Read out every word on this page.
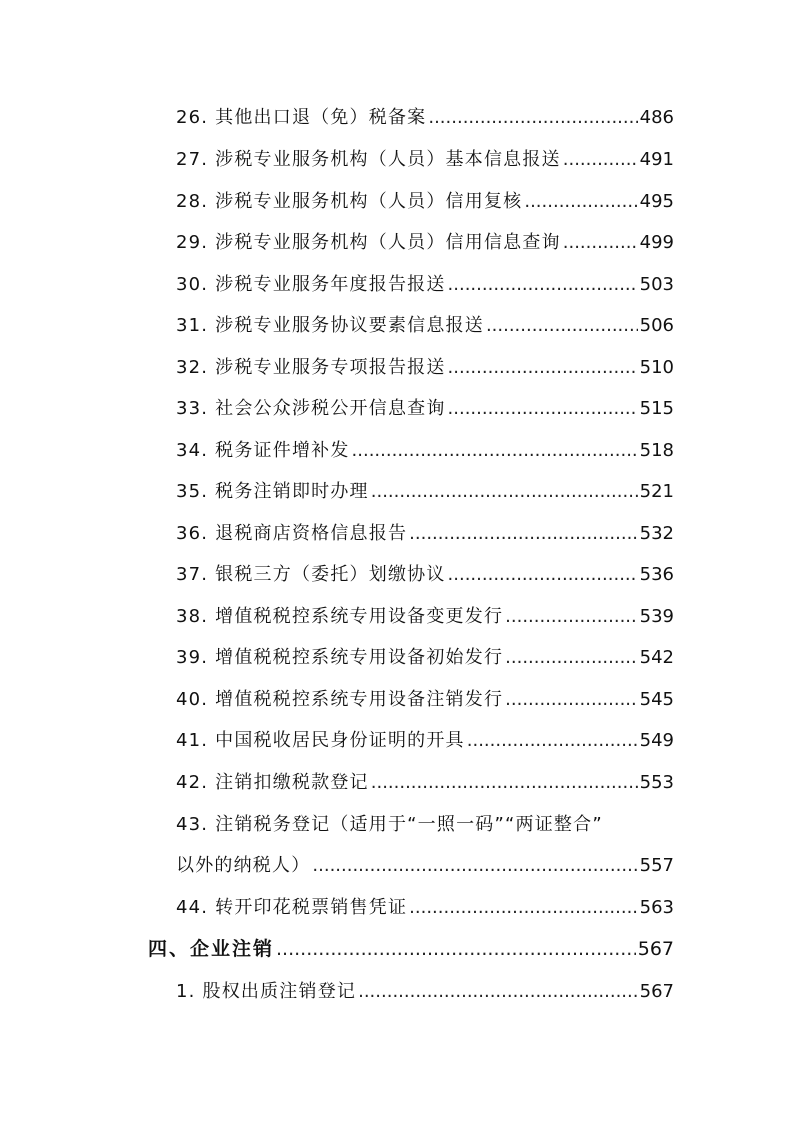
26. 其他出口退（免）税备案 .....	486
27. 涉税专业服务机构（人员）基本信息报送 .....	491
28. 涉税专业服务机构（人员）信用复核 .....	495
29. 涉税专业服务机构（人员）信用信息查询 .....	499
30. 涉税专业服务年度报告报送 .....	503
31. 涉税专业服务协议要素信息报送 .....	506
32. 涉税专业服务专项报告报送 .....	510
33. 社会公众涉税公开信息查询 .....	515
34. 税务证件增补发 .....	518
35. 税务注销即时办理 .....	521
36. 退税商店资格信息报告 .....	532
37. 银税三方（委托）划缴协议 .....	536
38. 增值税税控系统专用设备变更发行 .....	539
39. 增值税税控系统专用设备初始发行 .....	542
40. 增值税税控系统专用设备注销发行 .....	545
41. 中国税收居民身份证明的开具 .....	549
42. 注销扣缴税款登记 .....	553
43. 注销税务登记（适用于“一照一码”“两证整合”
以外的纳税人） .....	557
44. 转开印花税票销售凭证 .....	563
四、企业注销 .....	567
1. 股权出质注销登记 .....	567
